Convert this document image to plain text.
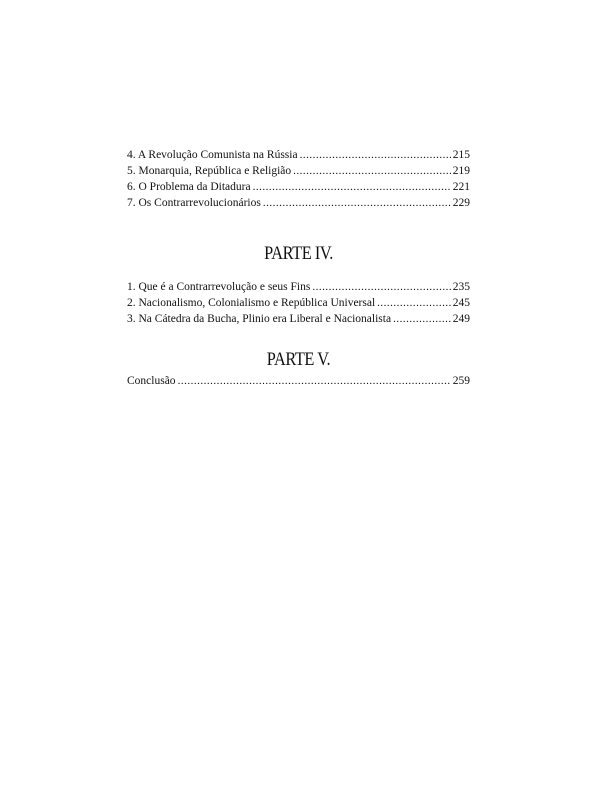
4. A Revolução Comunista na Rússia .....	215
5. Monarquia, República e Religião .....	219
6. O Problema da Ditadura .....	221
7. Os Contrarrevolucionários .....	229
PARTE IV.
1. Que é a Contrarrevolução e seus Fins .....	235
2. Nacionalismo, Colonialismo e República Universal .....	245
3. Na Cátedra da Bucha, Plinio era Liberal e Nacionalista .....	249
PARTE V.
Conclusão .....	259
